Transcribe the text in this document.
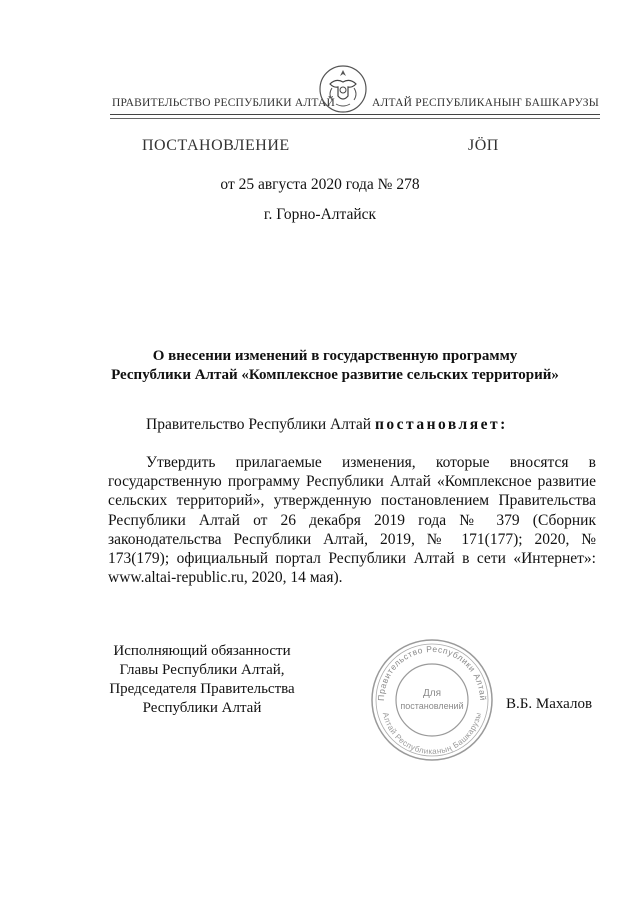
ПРАВИТЕЛЬСТВО РЕСПУБЛИКИ АЛТАЙ	АЛТАЙ РЕСПУБЛИКАНЫҤ БАШКАРУЗЫ
ПОСТАНОВЛЕНИЕ	JÖП
от 25 августа 2020 года № 278
г. Горно-Алтайск
О внесении изменений в государственную программу
Республики Алтай «Комплексное развитие сельских территорий»
Правительство Республики Алтай постановляет:
Утвердить прилагаемые изменения, которые вносятся в государственную программу Республики Алтай «Комплексное развитие сельских территорий», утвержденную постановлением Правительства Республики Алтай от 26 декабря 2019 года № 379 (Сборник законодательства Республики Алтай, 2019, № 171(177); 2020, № 173(179); официальный портал Республики Алтай в сети «Интернет»: www.altai-republic.ru, 2020, 14 мая).
Исполняющий обязанности
Главы Республики Алтай,
Председателя Правительства
Республики Алтай	В.Б. Махалов
Правительство Республики Алтай
Алтай Республиканың Башкарузы
Для
постановлений
